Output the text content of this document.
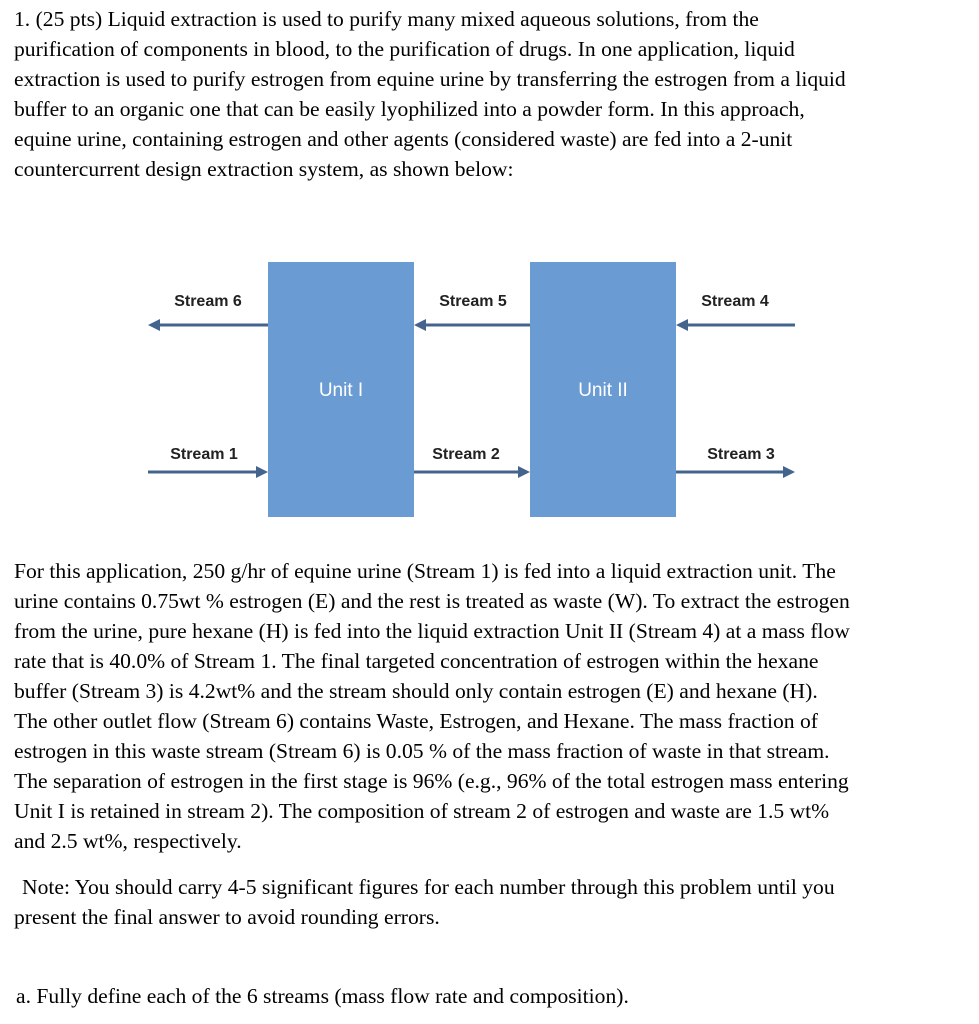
1. (25 pts) Liquid extraction is used to purify many mixed aqueous solutions, from the
purification of components in blood, to the purification of drugs. In one application, liquid
extraction is used to purify estrogen from equine urine by transferring the estrogen from a liquid
buffer to an organic one that can be easily lyophilized into a powder form. In this approach,
equine urine, containing estrogen and other agents (considered waste) are fed into a 2-unit
countercurrent design extraction system, as shown below:
Unit I	Unit II
Stream 6	Stream 5	Stream 4
Stream 1	Stream 2	Stream 3
For this application, 250 g/hr of equine urine (Stream 1) is fed into a liquid extraction unit. The
urine contains 0.75wt % estrogen (E) and the rest is treated as waste (W). To extract the estrogen
from the urine, pure hexane (H) is fed into the liquid extraction Unit II (Stream 4) at a mass flow
rate that is 40.0% of Stream 1. The final targeted concentration of estrogen within the hexane
buffer (Stream 3) is 4.2wt% and the stream should only contain estrogen (E) and hexane (H).
The other outlet flow (Stream 6) contains Waste, Estrogen, and Hexane. The mass fraction of
estrogen in this waste stream (Stream 6) is 0.05 % of the mass fraction of waste in that stream.
The separation of estrogen in the first stage is 96% (e.g., 96% of the total estrogen mass entering
Unit I is retained in stream 2). The composition of stream 2 of estrogen and waste are 1.5 wt%
and 2.5 wt%, respectively.
Note: You should carry 4-5 significant figures for each number through this problem until you
present the final answer to avoid rounding errors.
a. Fully define each of the 6 streams (mass flow rate and composition).
